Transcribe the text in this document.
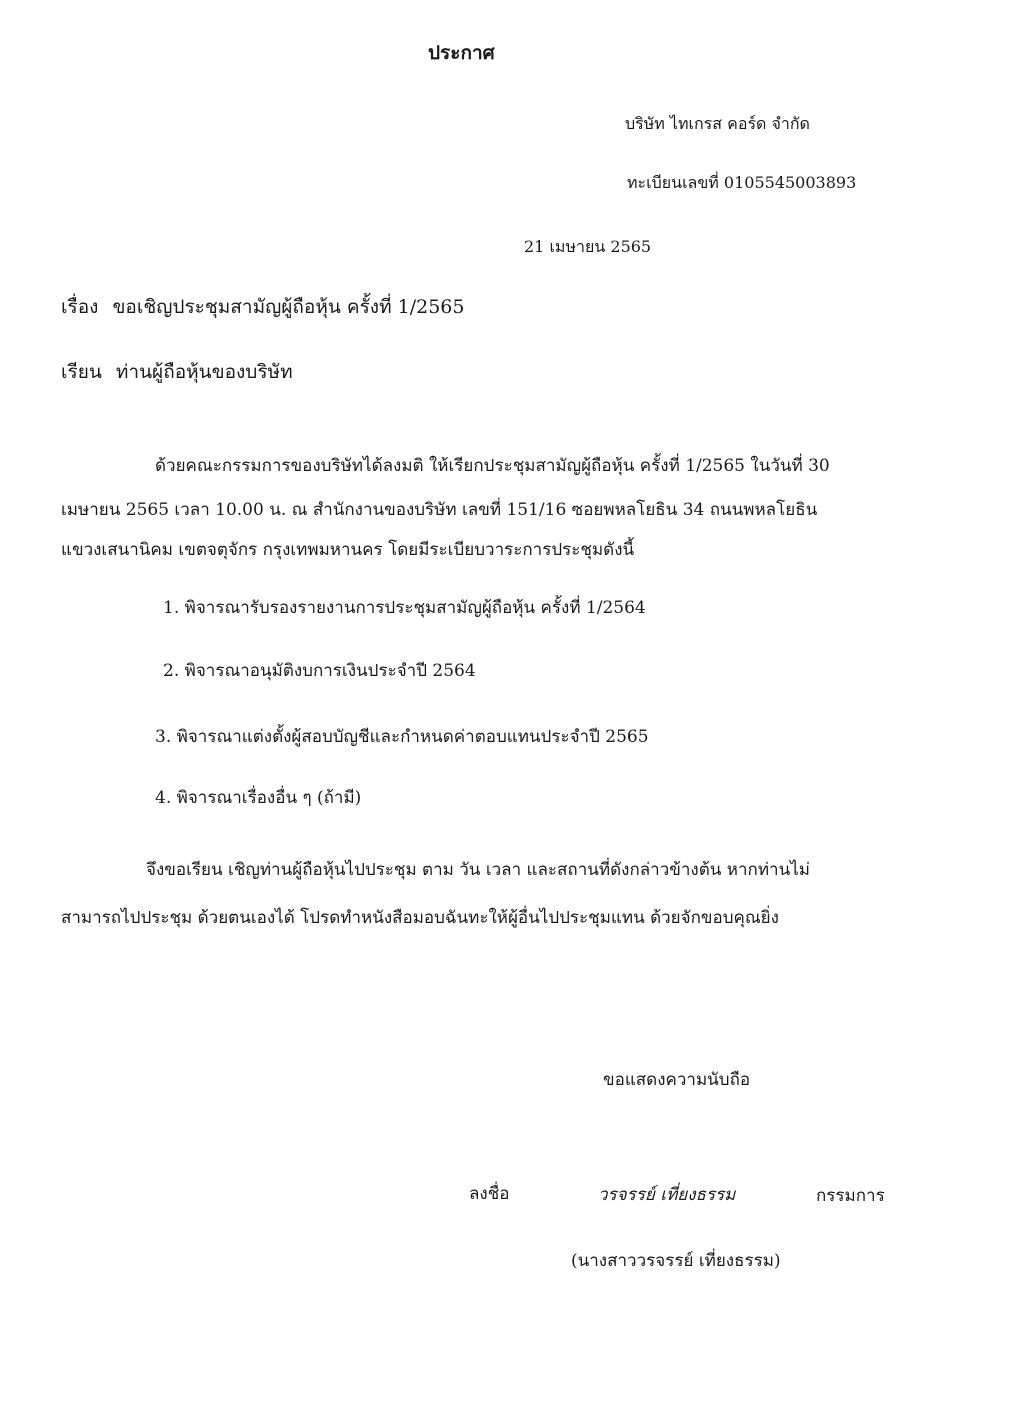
ประกาศ
บริษัท ไทเกรส คอร์ด จำกัด
ทะเบียนเลขที่ 0105545003893
21 เมษายน 2565
เรื่อง ขอเชิญประชุมสามัญผู้ถือหุ้น ครั้งที่ 1/2565
เรียน ท่านผู้ถือหุ้นของบริษัท
ด้วยคณะกรรมการของบริษัทได้ลงมติ ให้เรียกประชุมสามัญผู้ถือหุ้น ครั้งที่ 1/2565 ในวันที่ 30
เมษายน 2565 เวลา 10.00 น. ณ สำนักงานของบริษัท เลขที่ 151/16 ซอยพหลโยธิน 34 ถนนพหลโยธิน
แขวงเสนานิคม เขตจตุจักร กรุงเทพมหานคร โดยมีระเบียบวาระการประชุมดังนี้
1. พิจารณารับรองรายงานการประชุมสามัญผู้ถือหุ้น ครั้งที่ 1/2564
2. พิจารณาอนุมัติงบการเงินประจำปี 2564
3. พิจารณาแต่งตั้งผู้สอบบัญชีและกำหนดค่าตอบแทนประจำปี 2565
4. พิจารณาเรื่องอื่น ๆ (ถ้ามี)
จึงขอเรียน เชิญท่านผู้ถือหุ้นไปประชุม ตาม วัน เวลา และสถานที่ดังกล่าวข้างต้น หากท่านไม่
สามารถไปประชุม ด้วยตนเองได้ โปรดทำหนังสือมอบฉันทะให้ผู้อื่นไปประชุมแทน ด้วยจักขอบคุณยิ่ง
ขอแสดงความนับถือ
ลงชื่อ	วรจรรย์ เที่ยงธรรม	กรรมการ
(นางสาววรจรรย์ เที่ยงธรรม)
